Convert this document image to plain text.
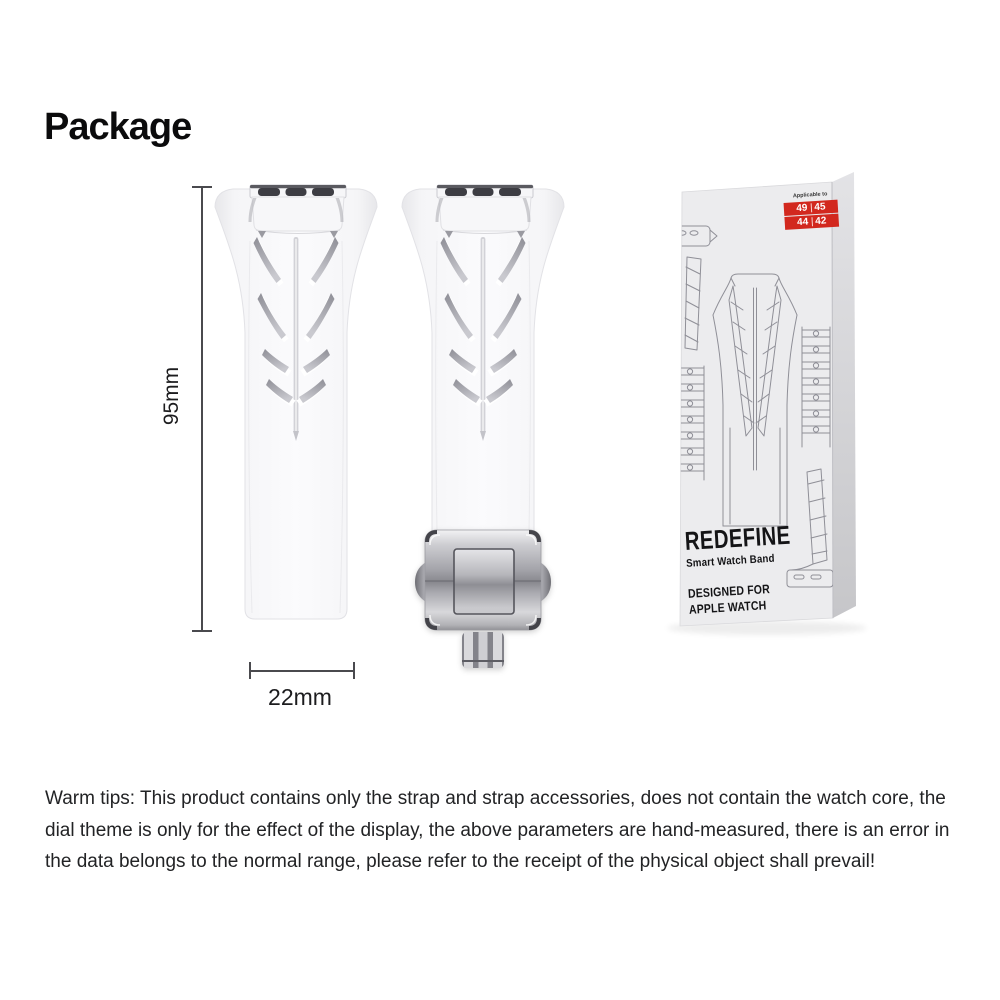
Package
95mm
Applicable to
49 45
44 42
REDEFINE
Smart Watch Band
DESIGNED FOR
APPLE WATCH
22mm
Warm tips: This product contains only the strap and strap accessories, does not contain the watch core, the
dial theme is only for the effect of the display, the above parameters are hand-measured, there is an error in
the data belongs to the normal range, please refer to the receipt of the physical object shall prevail!
